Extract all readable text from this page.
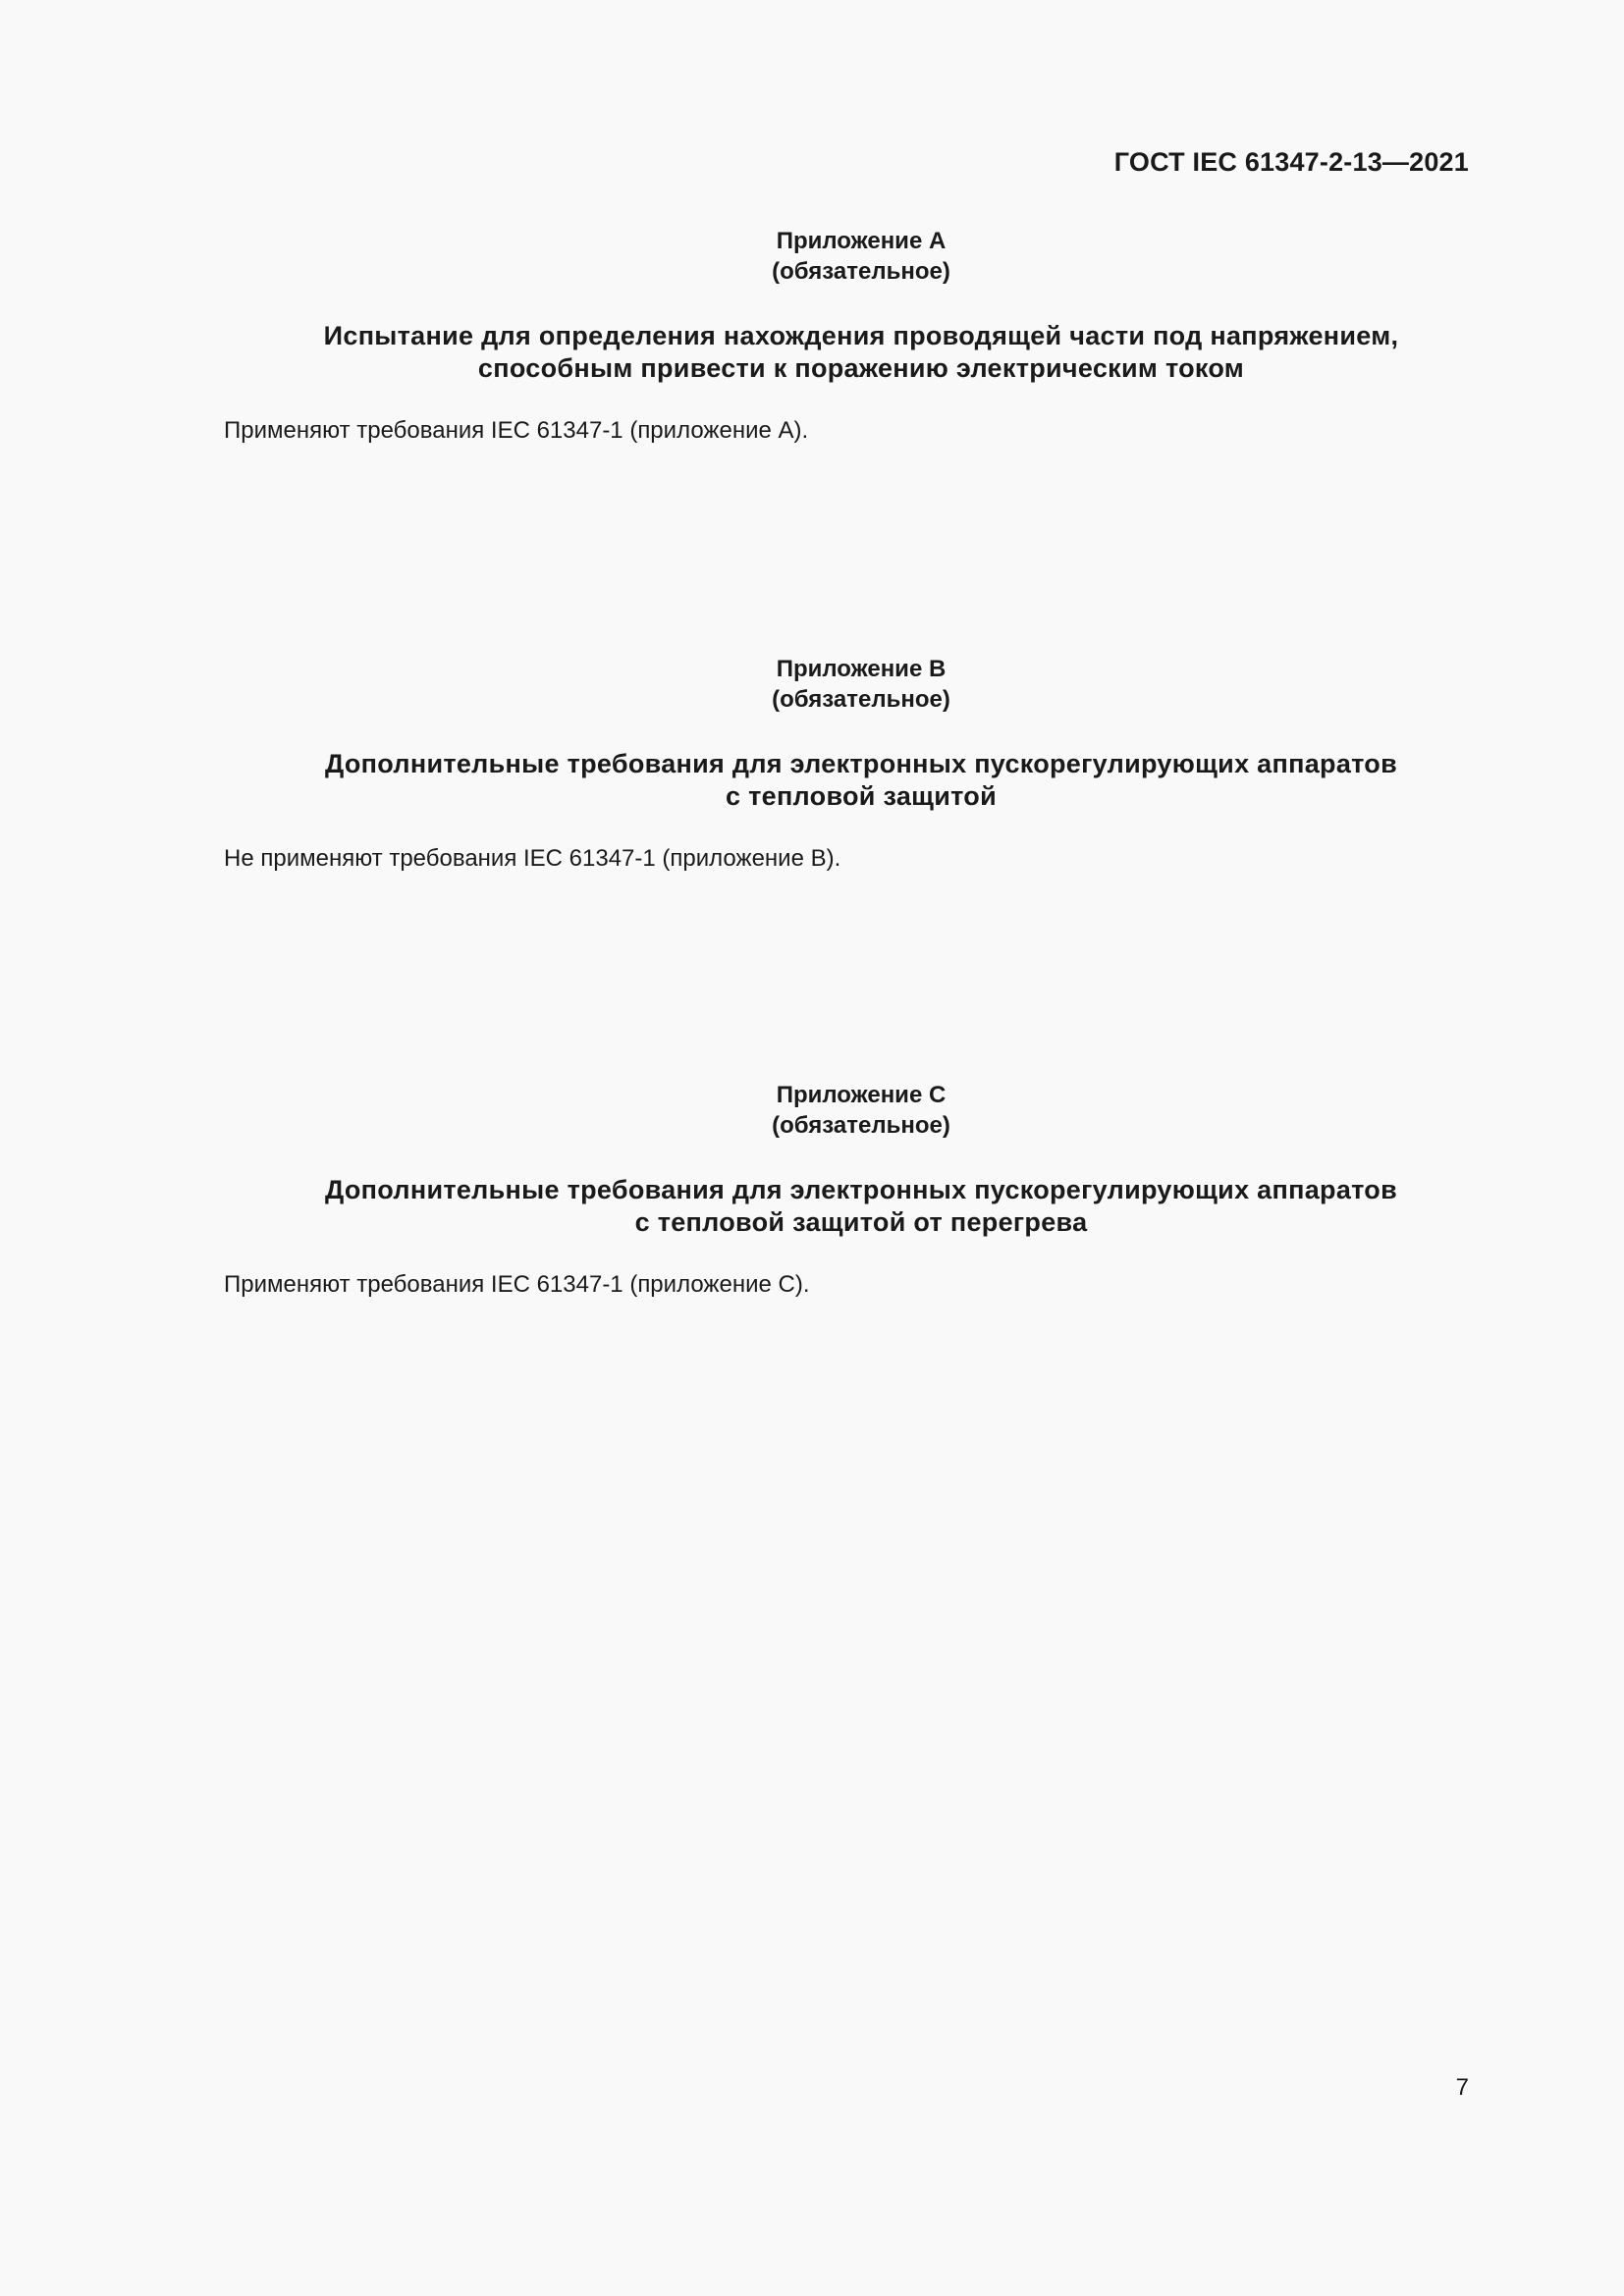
ГОСТ IEC 61347-2-13—2021
Приложение А
(обязательное)
Испытание для определения нахождения проводящей части под напряжением,
способным привести к поражению электрическим током
Применяют требования IEC 61347-1 (приложение А).
Приложение В
(обязательное)
Дополнительные требования для электронных пускорегулирующих аппаратов
с тепловой защитой
Не применяют требования IEC 61347-1 (приложение В).
Приложение С
(обязательное)
Дополнительные требования для электронных пускорегулирующих аппаратов
с тепловой защитой от перегрева
Применяют требования IEC 61347-1 (приложение С).
7
